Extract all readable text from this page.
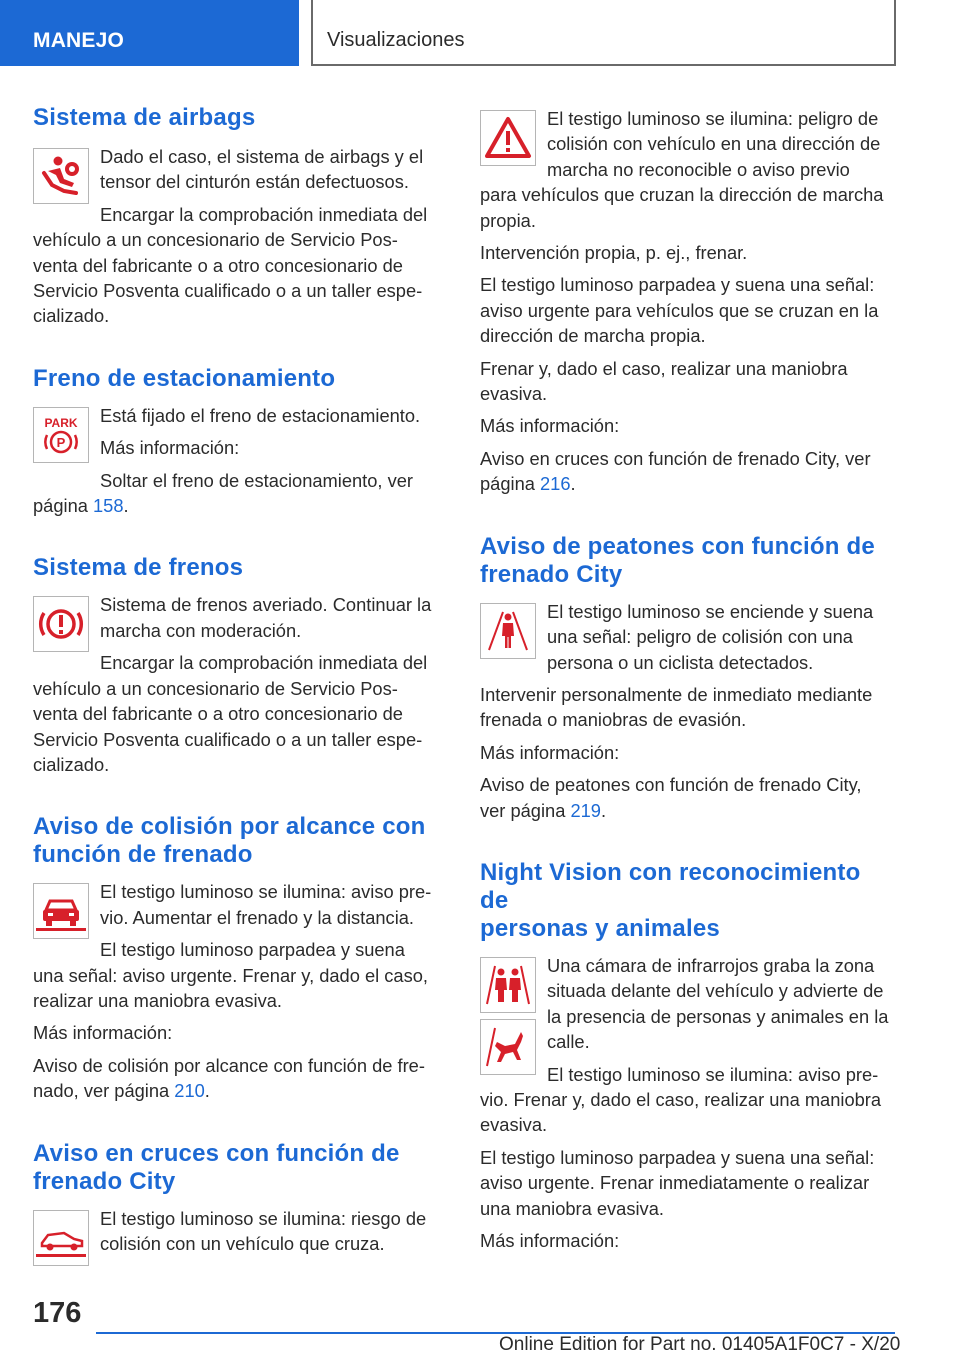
MANEJO	Visualizaciones
Sistema de airbags

Dado el caso, el sistema de airbags y el

tensor del cinturón están defectuosos.

Encargar la comprobación inmediata del

vehículo a un concesionario de Servicio Pos-

venta del fabricante o a otro concesionario de

Servicio Posventa cualificado o a un taller espe-

cializado.

Freno de estacionamiento
PARK
P

Está fijado el freno de estacionamiento.

Más información:

Soltar el freno de estacionamiento, ver

página 158.

Sistema de frenos

Sistema de frenos averiado. Continuar la

marcha con moderación.

Encargar la comprobación inmediata del

vehículo a un concesionario de Servicio Pos-

venta del fabricante o a otro concesionario de

Servicio Posventa cualificado o a un taller espe-

cializado.

Aviso de colisión por alcance con
función de frenado

El testigo luminoso se ilumina: aviso pre-

vio. Aumentar el frenado y la distancia.

El testigo luminoso parpadea y suena

una señal: aviso urgente. Frenar y, dado el caso,

realizar una maniobra evasiva.

Más información:

Aviso de colisión por alcance con función de fre-

nado, ver página 210.

Aviso en cruces con función de
frenado City

El testigo luminoso se ilumina: riesgo de

colisión con un vehículo que cruza.

El testigo luminoso se ilumina: peligro de

colisión con vehículo en una dirección de

marcha no reconocible o aviso previo

para vehículos que cruzan la dirección de marcha

propia.

Intervención propia, p. ej., frenar.

El testigo luminoso parpadea y suena una señal:

aviso urgente para vehículos que se cruzan en la

dirección de marcha propia.

Frenar y, dado el caso, realizar una maniobra

evasiva.

Más información:

Aviso en cruces con función de frenado City, ver

página 216.

Aviso de peatones con función de
frenado City

El testigo luminoso se enciende y suena

una señal: peligro de colisión con una

persona o un ciclista detectados.

Intervenir personalmente de inmediato mediante

frenada o maniobras de evasión.

Más información:

Aviso de peatones con función de frenado City,

ver página 219.

Night Vision con reconocimiento de
personas y animales

Una cámara de infrarrojos graba la zona

situada delante del vehículo y advierte de

la presencia de personas y animales en la

calle.

El testigo luminoso se ilumina: aviso pre-

vio. Frenar y, dado el caso, realizar una maniobra

evasiva.

El testigo luminoso parpadea y suena una señal:

aviso urgente. Frenar inmediatamente o realizar

una maniobra evasiva.

Más información:

176
Online Edition for Part no. 01405A1F0C7 - X/20
